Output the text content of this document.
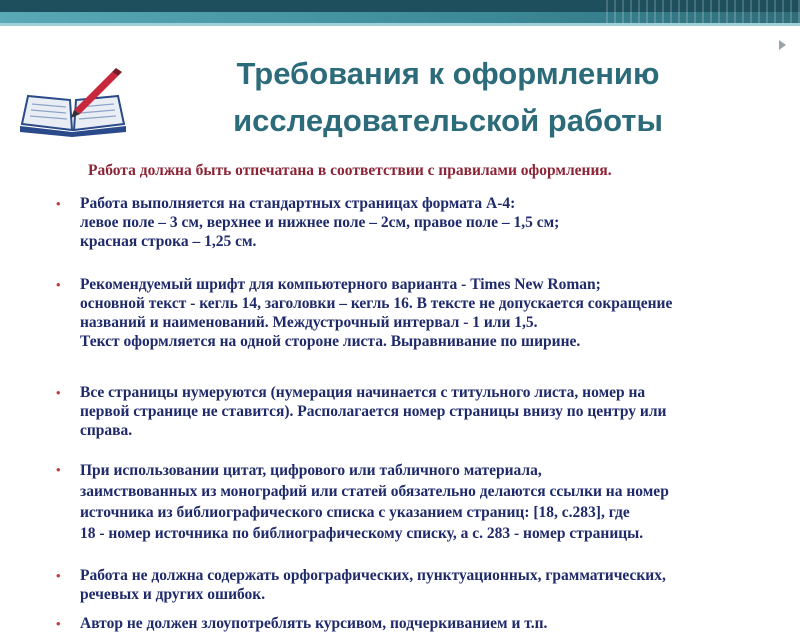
Требования к оформлению
исследовательской работы
Работа должна быть отпечатана в соответствии с правилами оформления.
• Работа выполняется на стандартных страницах формата А-4:
левое поле – 3 см, верхнее и нижнее поле – 2см, правое поле – 1,5 см;
красная строка – 1,25 см.
• Рекомендуемый шрифт для компьютерного варианта - Times New Roman;
основной текст - кегль 14, заголовки – кегль 16. В тексте не допускается сокращение
названий и наименований. Междустрочный интервал - 1 или 1,5.
Текст оформляется на одной стороне листа. Выравнивание по ширине.
• Все страницы нумеруются (нумерация начинается с титульного листа, номер на
первой странице не ставится). Располагается номер страницы внизу по центру или
справа.
• При использовании цитат, цифрового или табличного материала,
заимствованных из монографий или статей обязательно делаются ссылки на номер
источника из библиографического списка с указанием страниц: [18, с.283], где
18 - номер источника по библиографическому списку, а с. 283 - номер страницы.
• Работа не должна содержать орфографических, пунктуационных, грамматических,
речевых и других ошибок.
• Автор не должен злоупотреблять курсивом, подчеркиванием и т.п.
